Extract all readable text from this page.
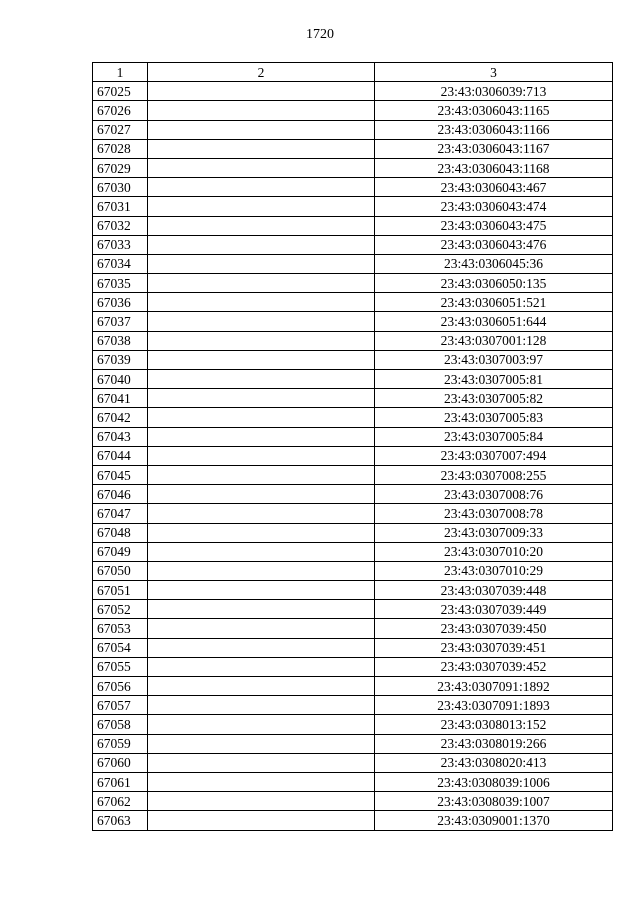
1720
1	2	3
67025		23:43:0306039:713
67026		23:43:0306043:1165
67027		23:43:0306043:1166
67028		23:43:0306043:1167
67029		23:43:0306043:1168
67030		23:43:0306043:467
67031		23:43:0306043:474
67032		23:43:0306043:475
67033		23:43:0306043:476
67034		23:43:0306045:36
67035		23:43:0306050:135
67036		23:43:0306051:521
67037		23:43:0306051:644
67038		23:43:0307001:128
67039		23:43:0307003:97
67040		23:43:0307005:81
67041		23:43:0307005:82
67042		23:43:0307005:83
67043		23:43:0307005:84
67044		23:43:0307007:494
67045		23:43:0307008:255
67046		23:43:0307008:76
67047		23:43:0307008:78
67048		23:43:0307009:33
67049		23:43:0307010:20
67050		23:43:0307010:29
67051		23:43:0307039:448
67052		23:43:0307039:449
67053		23:43:0307039:450
67054		23:43:0307039:451
67055		23:43:0307039:452
67056		23:43:0307091:1892
67057		23:43:0307091:1893
67058		23:43:0308013:152
67059		23:43:0308019:266
67060		23:43:0308020:413
67061		23:43:0308039:1006
67062		23:43:0308039:1007
67063		23:43:0309001:1370
